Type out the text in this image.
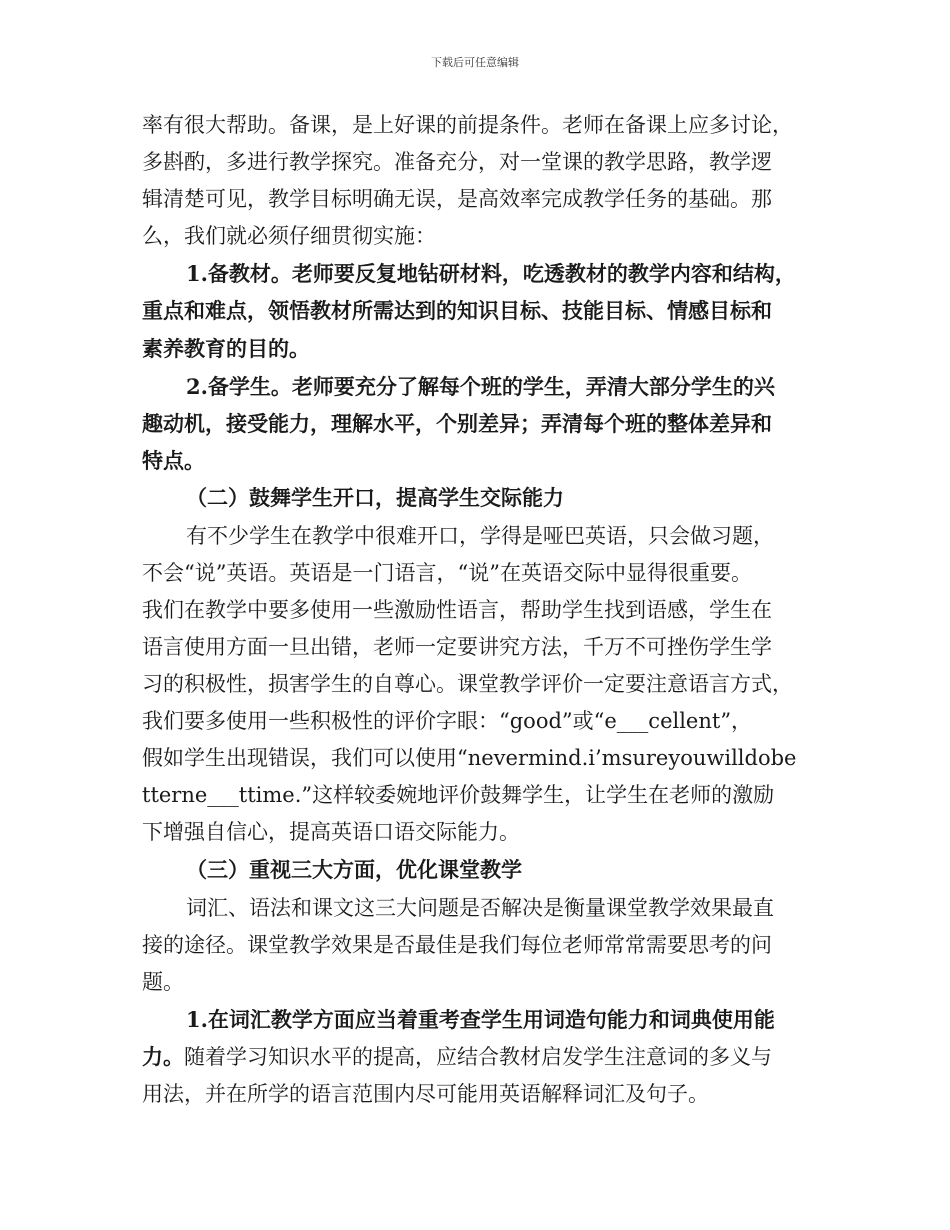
下载后可任意编辑
率有很大帮助。备课，是上好课的前提条件。老师在备课上应多讨论，
多斟酌，多进行教学探究。准备充分，对一堂课的教学思路，教学逻
辑清楚可见，教学目标明确无误，是高效率完成教学任务的基础。那
么，我们就必须仔细贯彻实施：
1.备教材。老师要反复地钻研材料，吃透教材的教学内容和结构，
重点和难点，领悟教材所需达到的知识目标、技能目标、情感目标和
素养教育的目的。
2.备学生。老师要充分了解每个班的学生，弄清大部分学生的兴
趣动机，接受能力，理解水平，个别差异；弄清每个班的整体差异和
特点。
（二）鼓舞学生开口，提高学生交际能力
有不少学生在教学中很难开口，学得是哑巴英语，只会做习题，
不会“说”英语。英语是一门语言，“说”在英语交际中显得很重要。
我们在教学中要多使用一些激励性语言，帮助学生找到语感，学生在
语言使用方面一旦出错，老师一定要讲究方法，千万不可挫伤学生学
习的积极性，损害学生的自尊心。课堂教学评价一定要注意语言方式，
我们要多使用一些积极性的评价字眼：“good”或“e___cellent”，
假如学生出现错误，我们可以使用“nevermind.i’msureyouwilldobe
tterne___ttime.”这样较委婉地评价鼓舞学生，让学生在老师的激励
下增强自信心，提高英语口语交际能力。
（三）重视三大方面，优化课堂教学
词汇、语法和课文这三大问题是否解决是衡量课堂教学效果最直
接的途径。课堂教学效果是否最佳是我们每位老师常常需要思考的问
题。
1.在词汇教学方面应当着重考查学生用词造句能力和词典使用能
力。随着学习知识水平的提高，应结合教材启发学生注意词的多义与
用法，并在所学的语言范围内尽可能用英语解释词汇及句子。
